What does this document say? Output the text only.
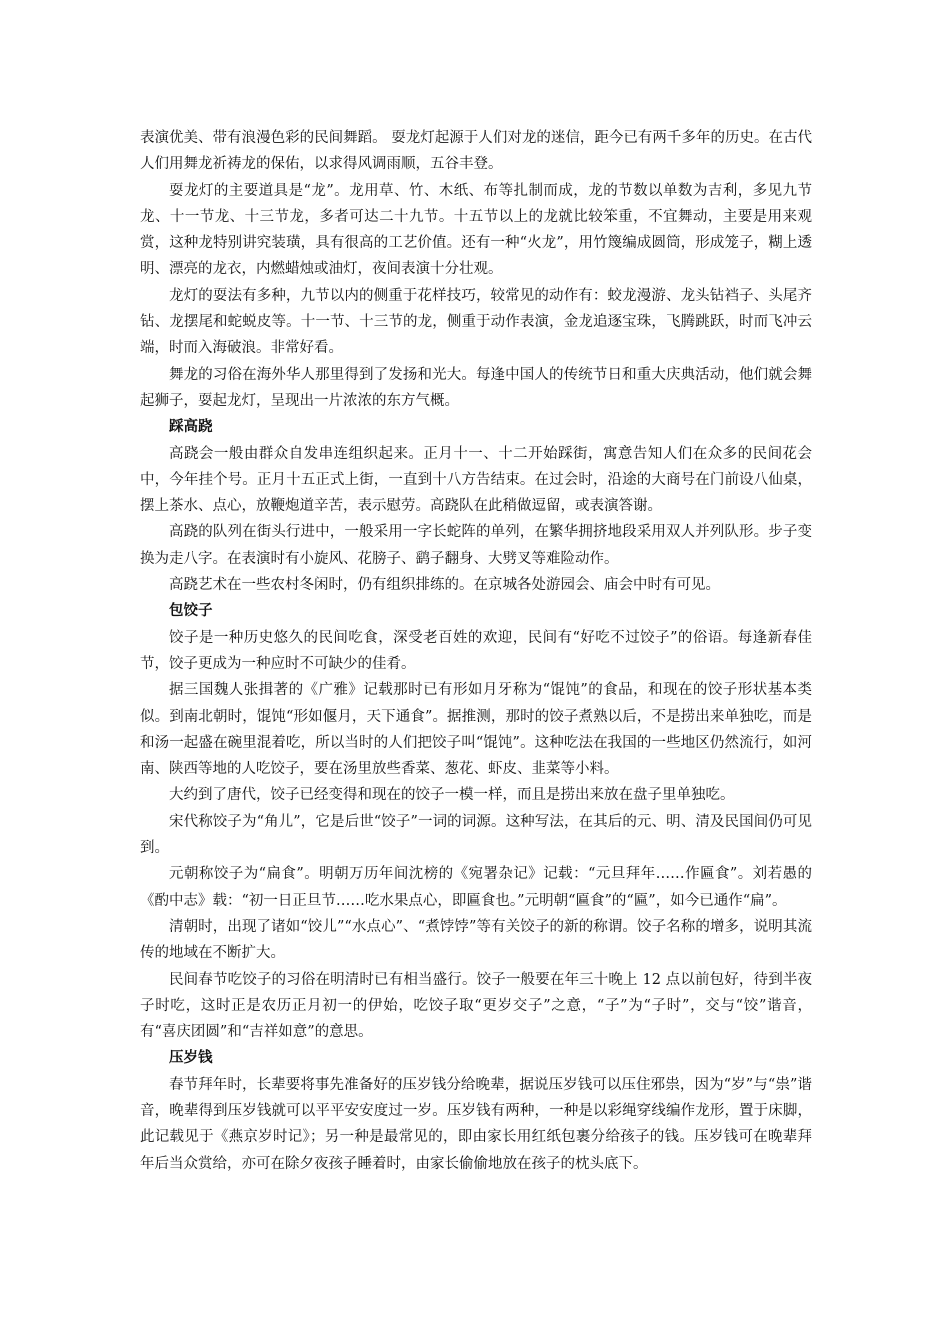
表演优美、带有浪漫色彩的民间舞蹈。 耍龙灯起源于人们对龙的迷信，距今已有两千多年的历史。在古代人们用舞龙祈祷龙的保佑，以求得风调雨顺，五谷丰登。

耍龙灯的主要道具是“龙”。龙用草、竹、木纸、布等扎制而成，龙的节数以单数为吉利，多见九节龙、十一节龙、十三节龙，多者可达二十九节。十五节以上的龙就比较笨重，不宜舞动，主要是用来观赏，这种龙特别讲究装璜，具有很高的工艺价值。还有一种“火龙”，用竹篾编成圆筒，形成笼子，糊上透明、漂亮的龙衣，内燃蜡烛或油灯，夜间表演十分壮观。

龙灯的耍法有多种，九节以内的侧重于花样技巧，较常见的动作有：蛟龙漫游、龙头钻裆子、头尾齐钻、龙摆尾和蛇蜕皮等。十一节、十三节的龙，侧重于动作表演，金龙追逐宝珠，飞腾跳跃，时而飞冲云端，时而入海破浪。非常好看。

舞龙的习俗在海外华人那里得到了发扬和光大。每逢中国人的传统节日和重大庆典活动，他们就会舞起狮子，耍起龙灯，呈现出一片浓浓的东方气概。

踩高跷

高跷会一般由群众自发串连组织起来。正月十一、十二开始踩街，寓意告知人们在众多的民间花会中，今年挂个号。正月十五正式上街，一直到十八方告结束。在过会时，沿途的大商号在门前设八仙桌，摆上茶水、点心，放鞭炮道辛苦，表示慰劳。高跷队在此稍做逗留，或表演答谢。

高跷的队列在街头行进中，一般采用一字长蛇阵的单列，在繁华拥挤地段采用双人并列队形。步子变换为走八字。在表演时有小旋风、花膀子、鹞子翻身、大劈叉等难险动作。

高跷艺术在一些农村冬闲时，仍有组织排练的。在京城各处游园会、庙会中时有可见。

包饺子

饺子是一种历史悠久的民间吃食，深受老百姓的欢迎，民间有“好吃不过饺子”的俗语。每逢新春佳节，饺子更成为一种应时不可缺少的佳肴。

据三国魏人张揖著的《广雅》记载那时已有形如月牙称为“馄饨”的食品，和现在的饺子形状基本类似。到南北朝时，馄饨“形如偃月，天下通食”。据推测，那时的饺子煮熟以后，不是捞出来单独吃，而是和汤一起盛在碗里混着吃，所以当时的人们把饺子叫“馄饨”。这种吃法在我国的一些地区仍然流行，如河南、陕西等地的人吃饺子，要在汤里放些香菜、葱花、虾皮、韭菜等小料。

大约到了唐代，饺子已经变得和现在的饺子一模一样，而且是捞出来放在盘子里单独吃。

宋代称饺子为“角儿”，它是后世“饺子”一词的词源。这种写法，在其后的元、明、清及民国间仍可见到。

元朝称饺子为“扁食”。明朝万历年间沈榜的《宛署杂记》记载：“元旦拜年……作匾食”。刘若愚的《酌中志》载：“初一日正旦节……吃水果点心，即匾食也。”元明朝“匾食”的“匾”，如今已通作“扁”。

清朝时，出现了诸如“饺儿”“水点心”、“煮饽饽”等有关饺子的新的称谓。饺子名称的增多，说明其流传的地域在不断扩大。

民间春节吃饺子的习俗在明清时已有相当盛行。饺子一般要在年三十晚上 12 点以前包好，待到半夜子时吃，这时正是农历正月初一的伊始，吃饺子取“更岁交子”之意，“子”为“子时”，交与“饺”谐音，有“喜庆团圆”和“吉祥如意”的意思。

压岁钱

春节拜年时，长辈要将事先准备好的压岁钱分给晚辈，据说压岁钱可以压住邪祟，因为“岁”与“祟”谐音，晚辈得到压岁钱就可以平平安安度过一岁。压岁钱有两种，一种是以彩绳穿线编作龙形，置于床脚，此记载见于《燕京岁时记》；另一种是最常见的，即由家长用红纸包裹分给孩子的钱。压岁钱可在晚辈拜年后当众赏给，亦可在除夕夜孩子睡着时，由家长偷偷地放在孩子的枕头底下。
